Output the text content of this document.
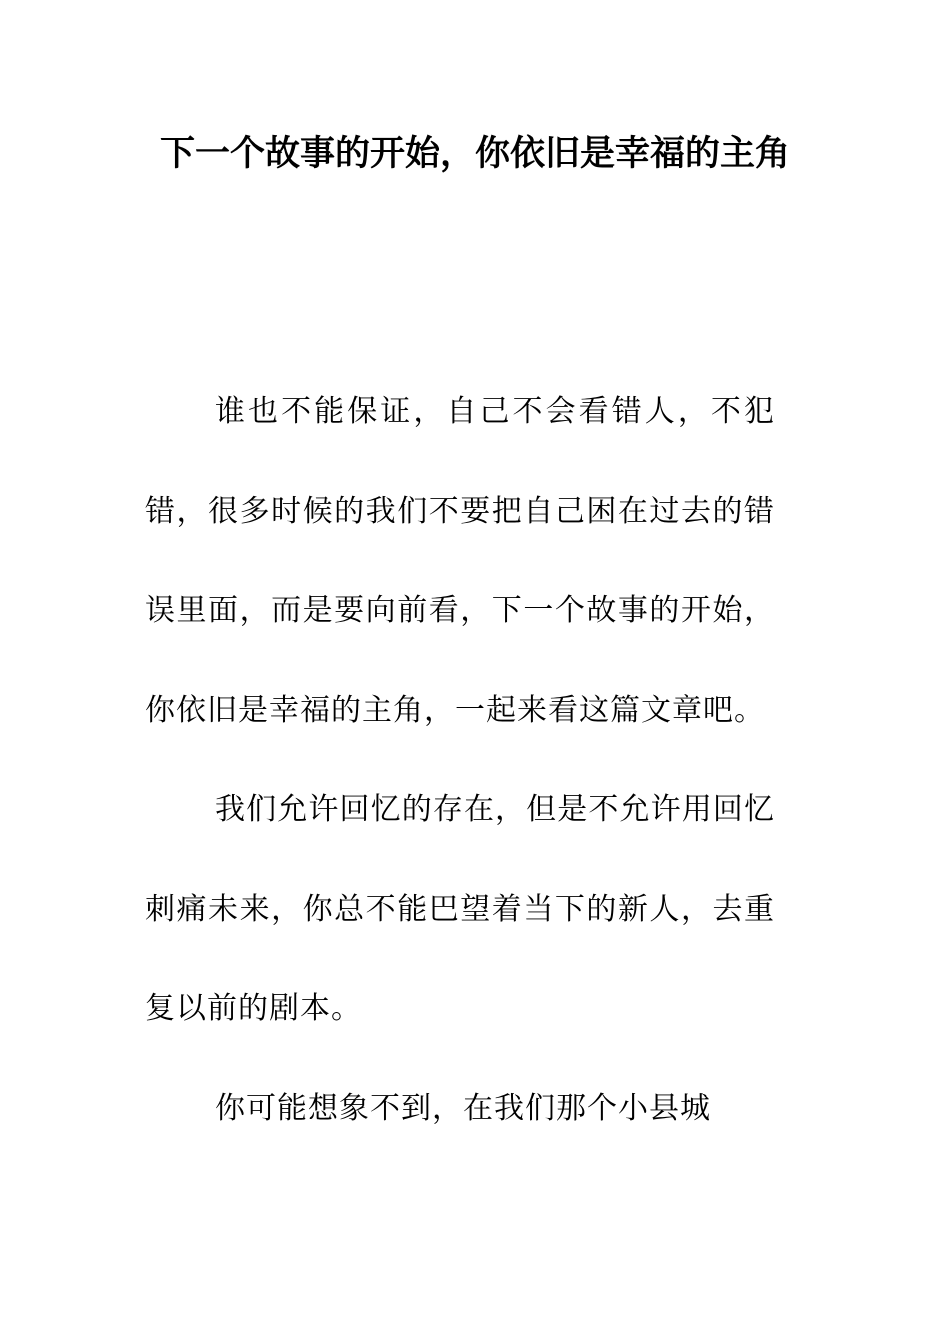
下一个故事的开始，你依旧是幸福的主角

谁也不能保证，自己不会看错人，不犯错，很多时候的我们不要把自己困在过去的错误里面，而是要向前看，下一个故事的开始，你依旧是幸福的主角，一起来看这篇文章吧。

我们允许回忆的存在，但是不允许用回忆刺痛未来，你总不能巴望着当下的新人，去重复以前的剧本。

你可能想象不到，在我们那个小县城
